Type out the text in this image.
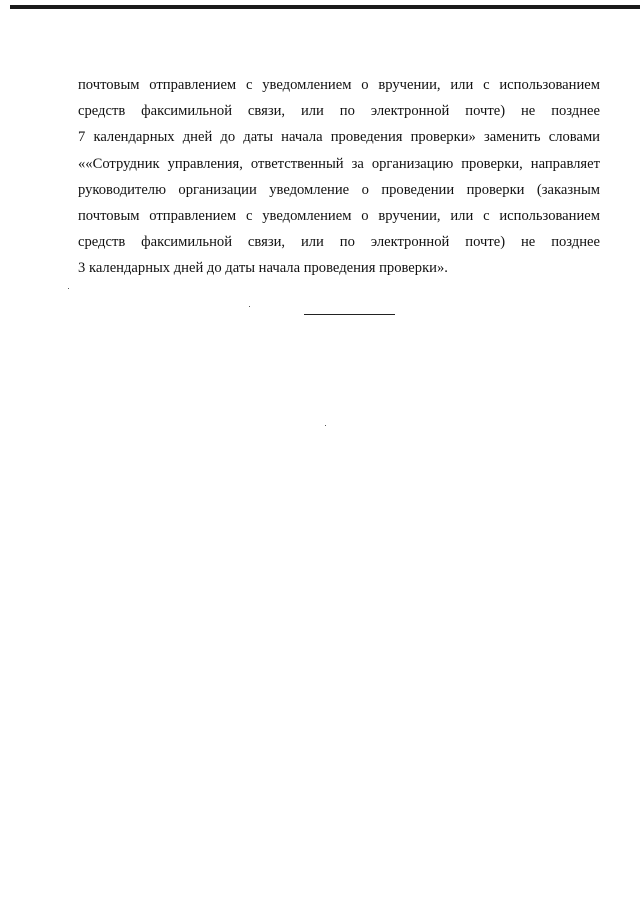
почтовым отправлением с уведомлением о вручении, или с использованием
средств факсимильной связи, или по электронной почте) не позднее
7 календарных дней до даты начала проведения проверки» заменить словами
««Сотрудник управления, ответственный за организацию проверки, направляет
руководителю организации уведомление о проведении проверки (заказным
почтовым отправлением с уведомлением о вручении, или с использованием
средств факсимильной связи, или по электронной почте) не позднее
3 календарных дней до даты начала проведения проверки».
